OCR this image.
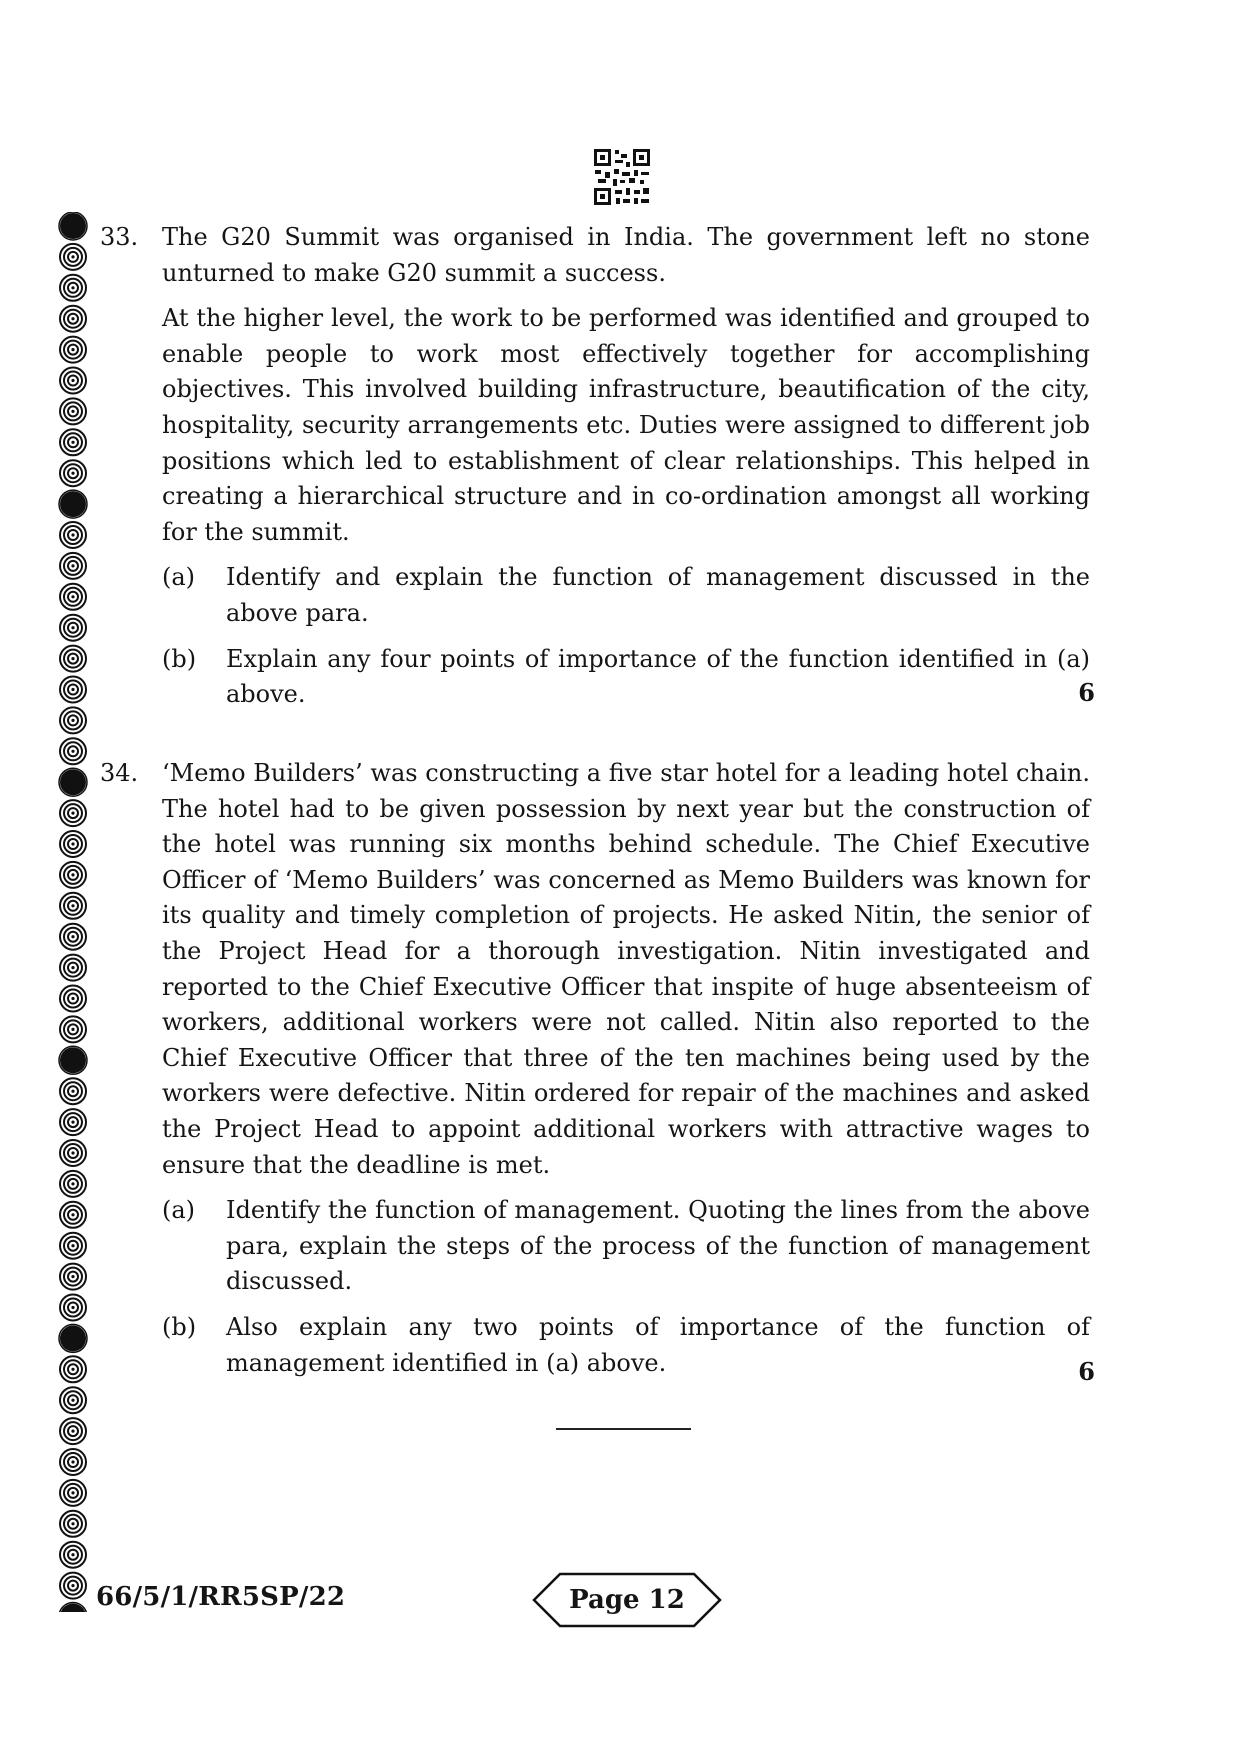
33. The G20 Summit was organised in India. The government left no stone unturned to make G20 summit a success.

At the higher level, the work to be performed was identified and grouped to enable people to work most effectively together for accomplishing objectives. This involved building infrastructure, beautification of the city, hospitality, security arrangements etc. Duties were assigned to different job positions which led to establishment of clear relationships. This helped in creating a hierarchical structure and in co-ordination amongst all working for the summit.

(a) Identify and explain the function of management discussed in the above para.
(b) Explain any four points of importance of the function identified in (a) above.	6
34. ‘Memo Builders’ was constructing a five star hotel for a leading hotel chain. The hotel had to be given possession by next year but the construction of the hotel was running six months behind schedule. The Chief Executive Officer of ‘Memo Builders’ was concerned as Memo Builders was known for its quality and timely completion of projects. He asked Nitin, the senior of the Project Head for a thorough investigation. Nitin investigated and reported to the Chief Executive Officer that inspite of huge absenteeism of workers, additional workers were not called. Nitin also reported to the Chief Executive Officer that three of the ten machines being used by the workers were defective. Nitin ordered for repair of the machines and asked the Project Head to appoint additional workers with attractive wages to ensure that the deadline is met.

(a) Identify the function of management. Quoting the lines from the above para, explain the steps of the process of the function of management discussed.
(b) Also explain any two points of importance of the function of management identified in (a) above.	6
66/5/1/RR5SP/22	Page 12
